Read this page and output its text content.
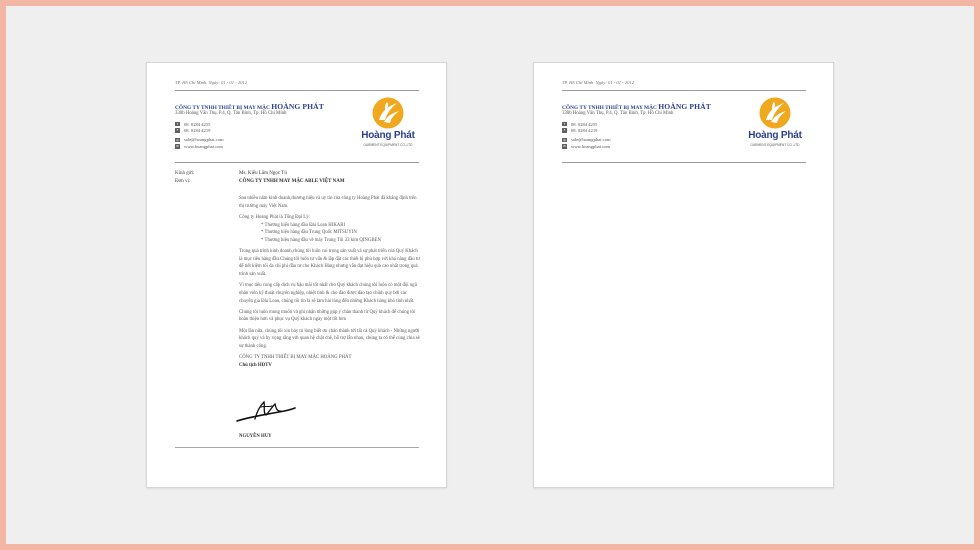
TP. Hồ Chí Minh. Ngày: 01 - 01 - 2012
CÔNG TY TNHH THIẾT BỊ MAY MẶC HOÀNG PHÁT
330b Hoàng Văn Thụ, P.4, Q. Tân Bình, Tp. Hồ Chí Minh
T	08. 0284 4255
F	08. 0284 4219
@ sale@hoangphat.com
W www.hoangphat.com
Hoàng Phát
GARMENT EQUIPMENT CO.,LTD
Kính gửi:	Ms. Kiều Lâm Ngọc Tú
Đơn vị:	CÔNG TY TNHH MAY MẶC ABLE VIỆT NAM

Sau nhiều năm kinh doanh,thương hiệu và uy tín của công ty Hoàng Phát đã khẳng định trên thị trường máy Việt Nam.

Công ty Hoàng Phát là Tổng Đại Lý:

* Thương hiệu hàng đầu Đài Loan HIKARI
* Thương hiệu hàng đầu Trung Quốc MITSUYIN
* Thương hiệu hàng đầu về máy Trung Tôi 33 kim QINGBEN

Trong quá trình kinh doanh,chúng tôi luôn coi trọng sản xuất và sự phát triển của Quý Khách là mục tiêu hàng đầu.Chúng tôi luôn tư vấn & lắp đặt các thiết bị phù hợp với khả năng đầu tư để tiết kiệm tối đa chi phí đầu tư cho Khách Hàng nhưng vẫn đạt hiệu quả cao nhất trong quá trình sản xuất.

Vì mục tiêu cung cấp dịch vụ hậu mãi tốt nhất cho Quý khách chúng tôi luôn có một đội ngũ nhân viên kỹ thuật chuyên nghiệp, nhiệt tình & cho đào được đào tạo chính quy bởi các chuyên gia Đài Loan, chúng tôi tin là sẽ làm hài lòng đến những Khách hàng khó tính nhất.

Chúng tôi luôn mong muốn và ghi nhận những góp ý chân thành từ Quý khách để chúng tôi hoàn thiện hơn và phục vụ Quý khách ngày một tốt hơn

Một lần nữa, chúng tôi xin bày tỏ lòng biết ơn chân thành tới tất cả Quý khách - Những người khách quý và hy vọng rằng với quan hệ chặt chẽ, hỗ trợ lẫn nhau, chúng ta có thể cùng chia sẻ sự thành công.

CÔNG TY TNHH THIẾT BỊ MAY MẶC HOÀNG PHÁT
Chủ tịch HĐTV
NGUYỄN HUY
TP. Hồ Chí Minh. Ngày: 01 - 01 - 2012
CÔNG TY TNHH THIẾT BỊ MAY MẶC HOÀNG PHÁT
330b Hoàng Văn Thụ, P.4, Q. Tân Bình, Tp. Hồ Chí Minh
T	08. 0284 4255
F	08. 0284 4219
@ sale@hoangphat.com
W www.hoangphat.com
Hoàng Phát
GARMENT EQUIPMENT CO.,LTD
